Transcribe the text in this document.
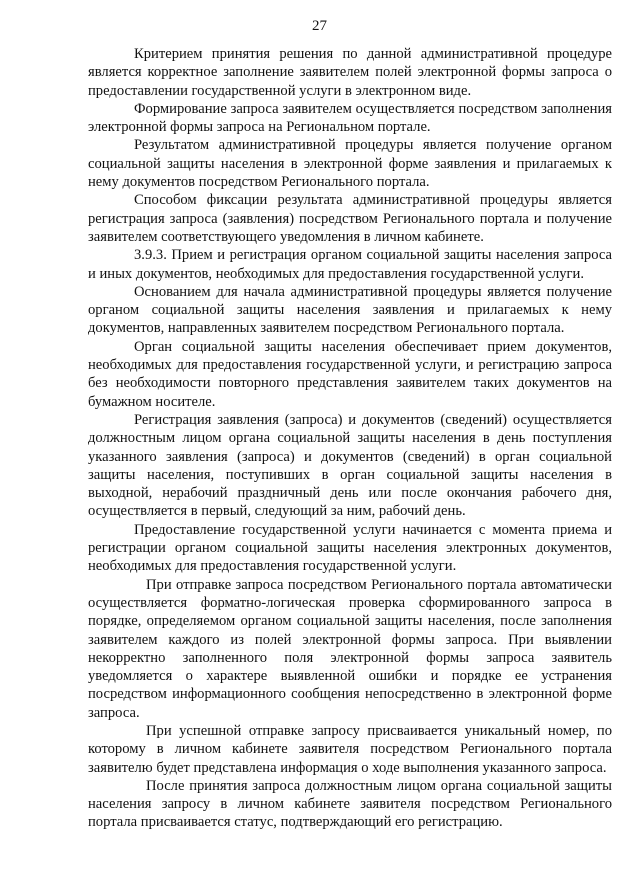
27

Критерием принятия решения по данной административной процедуре является корректное заполнение заявителем полей электронной формы запроса о предоставлении государственной услуги в электронном виде.

Формирование запроса заявителем осуществляется посредством заполнения электронной формы запроса на Региональном портале.

Результатом административной процедуры является получение органом социальной защиты населения в электронной форме заявления и прилагаемых к нему документов посредством Регионального портала.

Способом фиксации результата административной процедуры является регистрация запроса (заявления) посредством Регионального портала и получение заявителем соответствующего уведомления в личном кабинете.

3.9.3. Прием и регистрация органом социальной защиты населения запроса и иных документов, необходимых для предоставления государственной услуги.

Основанием для начала административной процедуры является получение органом социальной защиты населения заявления и прилагаемых к нему документов, направленных заявителем посредством Регионального портала.

Орган социальной защиты населения обеспечивает прием документов, необходимых для предоставления государственной услуги, и регистрацию запроса без необходимости повторного представления заявителем таких документов на бумажном носителе.

Регистрация заявления (запроса) и документов (сведений) осуществляется должностным лицом органа социальной защиты населения в день поступления указанного заявления (запроса) и документов (сведений) в орган социальной защиты населения, поступивших в орган социальной защиты населения в выходной, нерабочий праздничный день или после окончания рабочего дня, осуществляется в первый, следующий за ним, рабочий день.

Предоставление государственной услуги начинается с момента приема и регистрации органом социальной защиты населения электронных документов, необходимых для предоставления государственной услуги.

При отправке запроса посредством Регионального портала автоматически осуществляется форматно-логическая проверка сформированного запроса в порядке, определяемом органом социальной защиты населения, после заполнения заявителем каждого из полей электронной формы запроса. При выявлении некорректно заполненного поля электронной формы запроса заявитель уведомляется о характере выявленной ошибки и порядке ее устранения посредством информационного сообщения непосредственно в электронной форме запроса.

При успешной отправке запросу присваивается уникальный номер, по которому в личном кабинете заявителя посредством Регионального портала заявителю будет представлена информация о ходе выполнения указанного запроса.

После принятия запроса должностным лицом органа социальной защиты населения запросу в личном кабинете заявителя посредством Регионального портала присваивается статус, подтверждающий его регистрацию.
